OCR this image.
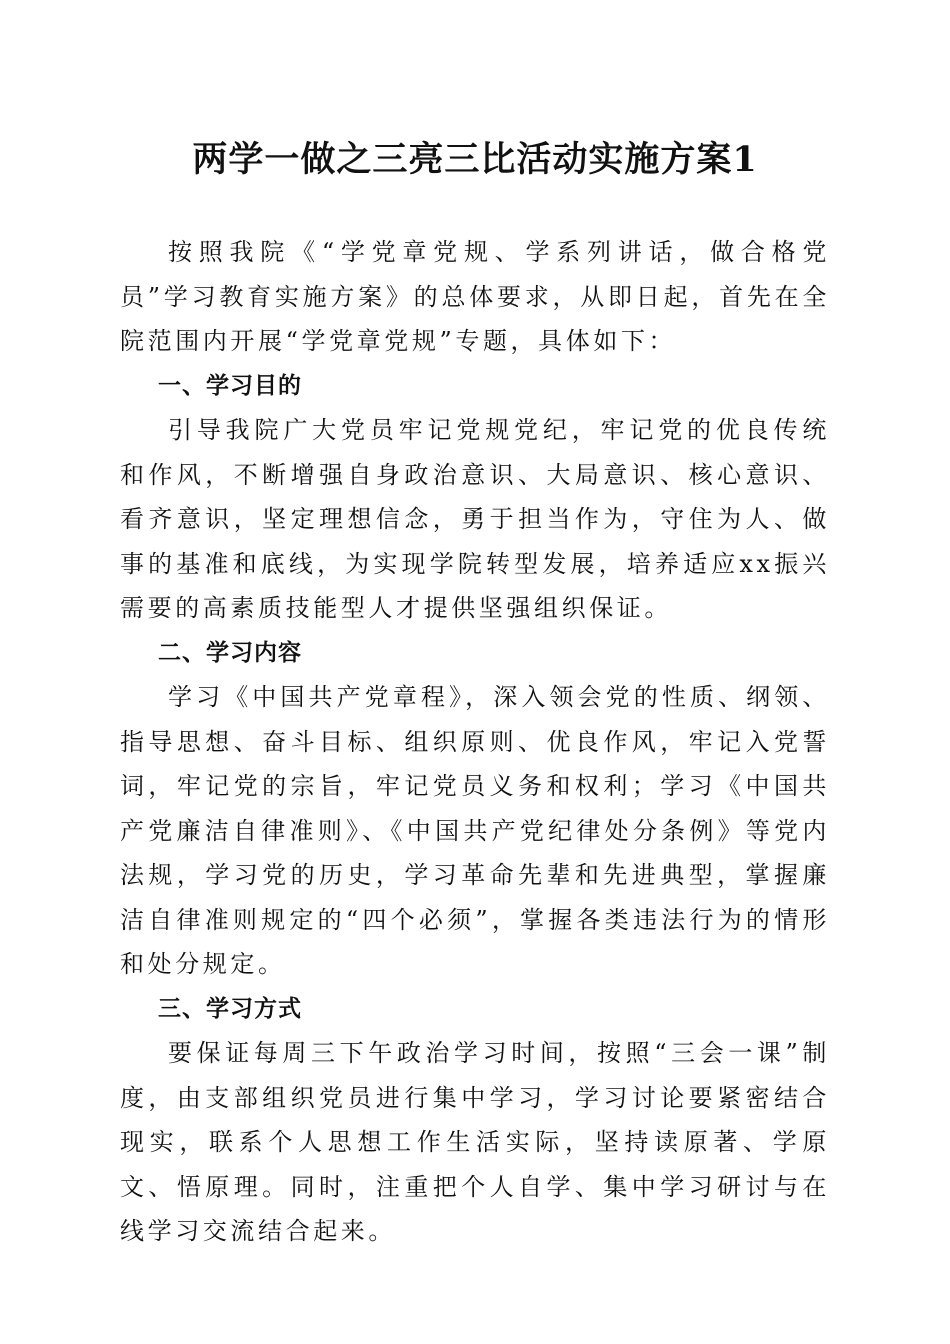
两学一做之三亮三比活动实施方案1

按照我院《“学党章党规、学系列讲话，做合格党员”学习教育实施方案》的总体要求，从即日起，首先在全院范围内开展“学党章党规”专题，具体如下：

一、学习目的

引导我院广大党员牢记党规党纪，牢记党的优良传统和作风，不断增强自身政治意识、大局意识、核心意识、看齐意识，坚定理想信念，勇于担当作为，守住为人、做事的基准和底线，为实现学院转型发展，培养适应xx振兴需要的高素质技能型人才提供坚强组织保证。

二、学习内容

学习《中国共产党章程》，深入领会党的性质、纲领、指导思想、奋斗目标、组织原则、优良作风，牢记入党誓词，牢记党的宗旨，牢记党员义务和权利；学习《中国共产党廉洁自律准则》、《中国共产党纪律处分条例》等党内法规，学习党的历史，学习革命先辈和先进典型，掌握廉洁自律准则规定的“四个必须”，掌握各类违法行为的情形和处分规定。

三、学习方式

要保证每周三下午政治学习时间，按照“三会一课”制度，由支部组织党员进行集中学习，学习讨论要紧密结合现实，联系个人思想工作生活实际，坚持读原著、学原文、悟原理。同时，注重把个人自学、集中学习研讨与在线学习交流结合起来。
